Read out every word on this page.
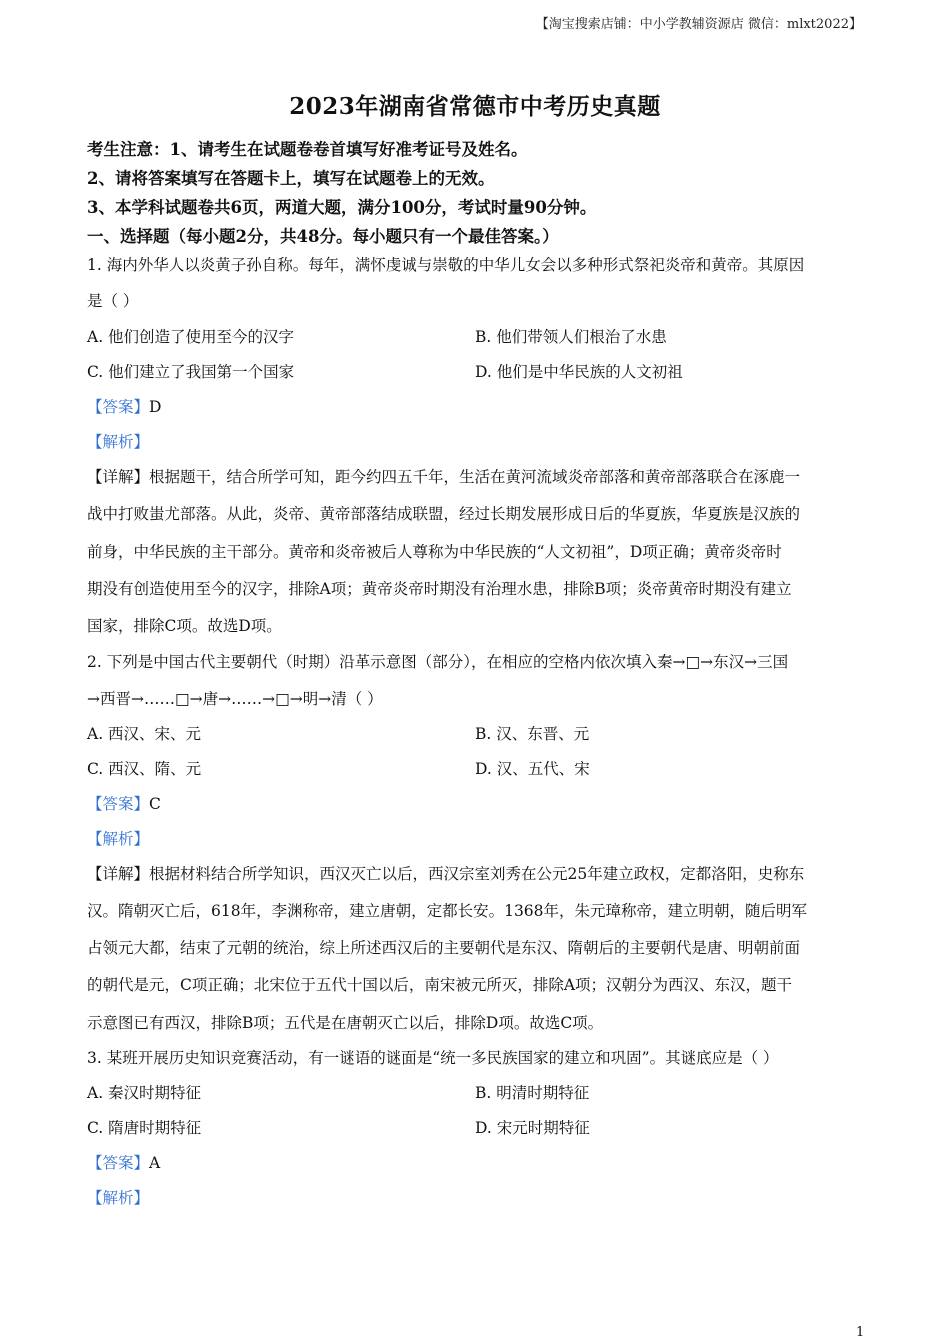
【淘宝搜索店铺：中小学教辅资源店 微信：mlxt2022】
2023年湖南省常德市中考历史真题
考生注意：1、请考生在试题卷卷首填写好准考证号及姓名。
2、请将答案填写在答题卡上，填写在试题卷上的无效。
3、本学科试题卷共6页，两道大题，满分100分，考试时量90分钟。
一、选择题（每小题2分，共48分。每小题只有一个最佳答案。）
1. 海内外华人以炎黄子孙自称。每年，满怀虔诚与崇敬的中华儿女会以多种形式祭祀炎帝和黄帝。其原因
是（ ）
A. 他们创造了使用至今的汉字	B. 他们带领人们根治了水患
C. 他们建立了我国第一个国家	D. 他们是中华民族的人文初祖
【答案】D
【解析】
【详解】根据题干，结合所学可知，距今约四五千年，生活在黄河流域炎帝部落和黄帝部落联合在涿鹿一
战中打败蚩尤部落。从此，炎帝、黄帝部落结成联盟，经过长期发展形成日后的华夏族，华夏族是汉族的
前身，中华民族的主干部分。黄帝和炎帝被后人尊称为中华民族的“人文初祖”，D项正确；黄帝炎帝时
期没有创造使用至今的汉字，排除A项；黄帝炎帝时期没有治理水患，排除B项；炎帝黄帝时期没有建立
国家，排除C项。故选D项。
2. 下列是中国古代主要朝代（时期）沿革示意图（部分），在相应的空格内依次填入秦→□→东汉→三国
→西晋→……□→唐→……→□→明→清（ ）
A. 西汉、宋、元	B. 汉、东晋、元
C. 西汉、隋、元	D. 汉、五代、宋
【答案】C
【解析】
【详解】根据材料结合所学知识，西汉灭亡以后，西汉宗室刘秀在公元25年建立政权，定都洛阳，史称东
汉。隋朝灭亡后，618年，李渊称帝，建立唐朝，定都长安。1368年，朱元璋称帝，建立明朝，随后明军
占领元大都，结束了元朝的统治，综上所述西汉后的主要朝代是东汉、隋朝后的主要朝代是唐、明朝前面
的朝代是元，C项正确；北宋位于五代十国以后，南宋被元所灭，排除A项；汉朝分为西汉、东汉，题干
示意图已有西汉，排除B项；五代是在唐朝灭亡以后，排除D项。故选C项。
3. 某班开展历史知识竞赛活动，有一谜语的谜面是“统一多民族国家的建立和巩固”。其谜底应是（ ）
A. 秦汉时期特征	B. 明清时期特征
C. 隋唐时期特征	D. 宋元时期特征
【答案】A
【解析】
1
